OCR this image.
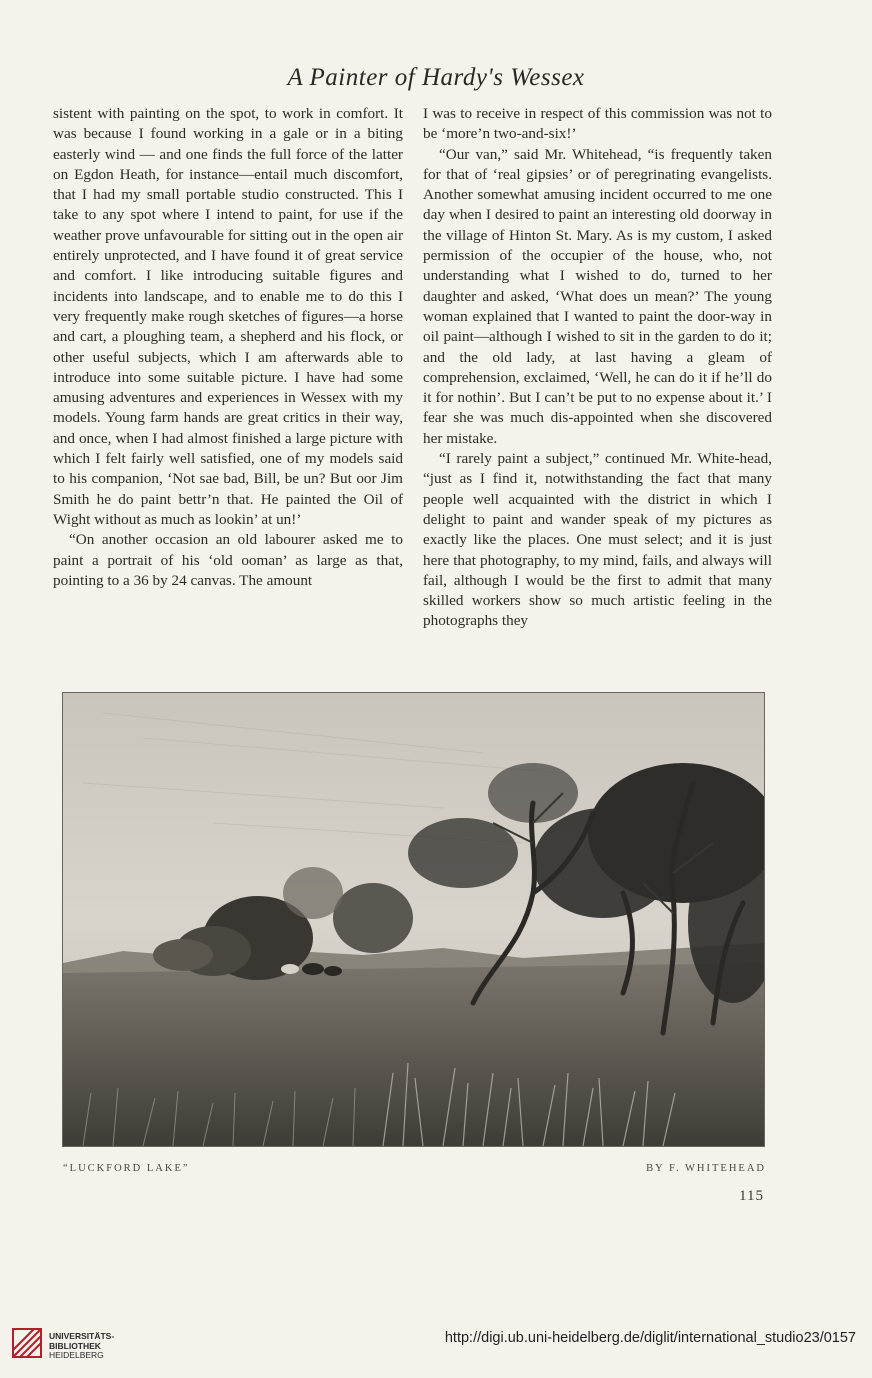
A Painter of Hardy's Wessex

sistent with painting on the spot, to work in comfort. It was because I found working in a gale or in a biting easterly wind — and one finds the full force of the latter on Egdon Heath, for instance—entail much discomfort, that I had my small portable studio constructed. This I take to any spot where I intend to paint, for use if the weather prove unfavourable for sitting out in the open air entirely unprotected, and I have found it of great service and comfort. I like introducing suitable figures and incidents into landscape, and to enable me to do this I very frequently make rough sketches of figures—a horse and cart, a ploughing team, a shepherd and his flock, or other useful subjects, which I am afterwards able to introduce into some suitable picture. I have had some amusing adventures and experiences in Wessex with my models. Young farm hands are great critics in their way, and once, when I had almost finished a large picture with which I felt fairly well satisfied, one of my models said to his companion, ‘Not sae bad, Bill, be un? But oor Jim Smith he do paint bettr’n that. He painted the Oil of Wight without as much as lookin’ at un!’

“On another occasion an old labourer asked me to paint a portrait of his ‘old ooman’ as large as that, pointing to a 36 by 24 canvas. The amount

I was to receive in respect of this commission was not to be ‘more’n two-and-six!’

“Our van,” said Mr. Whitehead, “is frequently taken for that of ‘real gipsies’ or of peregrinating evangelists. Another somewhat amusing incident occurred to me one day when I desired to paint an interesting old doorway in the village of Hinton St. Mary. As is my custom, I asked permission of the occupier of the house, who, not understanding what I wished to do, turned to her daughter and asked, ‘What does un mean?’ The young woman explained that I wanted to paint the door-way in oil paint—although I wished to sit in the garden to do it; and the old lady, at last having a gleam of comprehension, exclaimed, ‘Well, he can do it if he’ll do it for nothin’. But I can’t be put to no expense about it.’ I fear she was much dis-appointed when she discovered her mistake.

“I rarely paint a subject,” continued Mr. White-head, “just as I find it, notwithstanding the fact that many people well acquainted with the district in which I delight to paint and wander speak of my pictures as exactly like the places. One must select; and it is just here that photography, to my mind, fails, and always will fail, although I would be the first to admit that many skilled workers show so much artistic feeling in the photographs they

“LUCKFORD LAKE”	BY F. WHITEHEAD
115
UNIVERSITÄTS-
BIBLIOTHEK
HEIDELBERG
http://digi.ub.uni-heidelberg.de/diglit/international_studio23/0157
